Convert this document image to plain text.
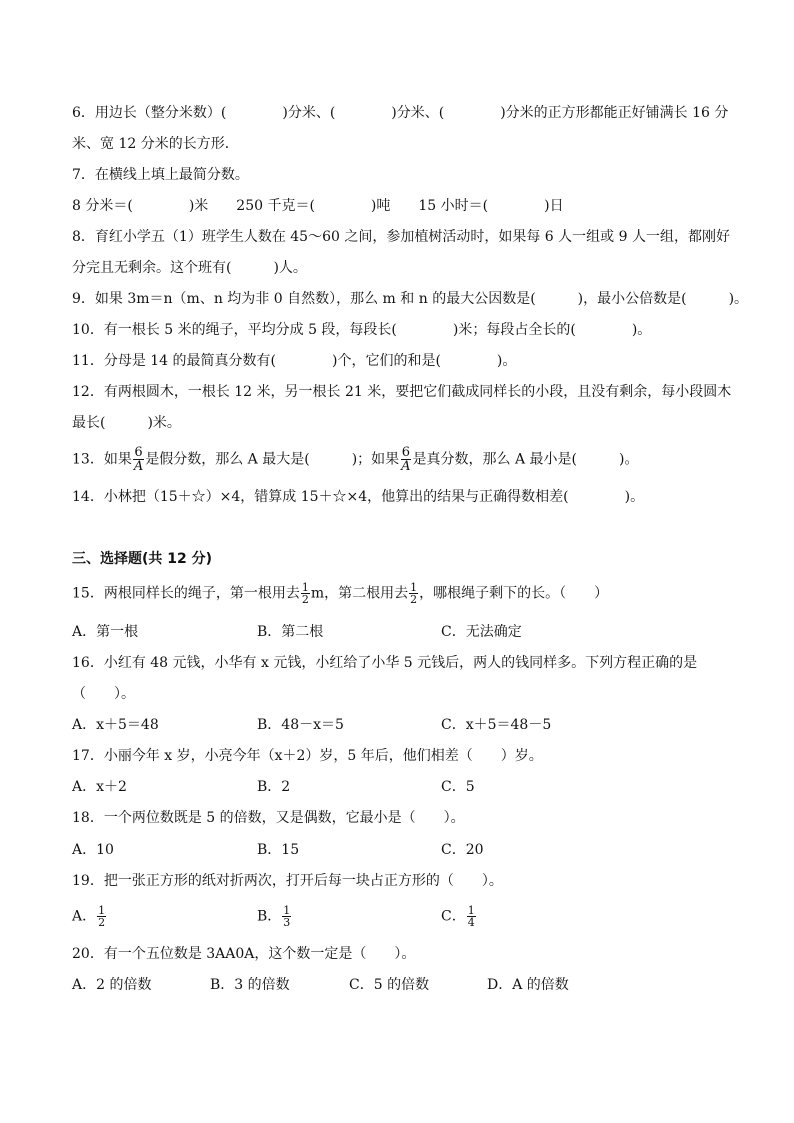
6．用边长（整分米数）(　　　　)分米、(　　　　)分米、(　　　　)分米的正方形都能正好铺满长 16 分
米、宽 12 分米的长方形．
7．在横线上填上最简分数。
8 分米＝(　　　　)米　　250 千克＝(　　　　)吨　　15 小时＝(　　　　)日
8．育红小学五（1）班学生人数在 45～60 之间，参加植树活动时，如果每 6 人一组或 9 人一组，都刚好
分完且无剩余。这个班有(　　　)人。
9．如果 3m＝n（m、n 均为非 0 自然数），那么 m 和 n 的最大公因数是(　　　)，最小公倍数是(　　　)。
10．有一根长 5 米的绳子，平均分成 5 段，每段长(　　　　)米；每段占全长的(　　　　)。
11．分母是 14 的最简真分数有(　　　　)个，它们的和是(　　　　)。
12．有两根圆木，一根长 12 米，另一根长 21 米，要把它们截成同样长的小段，且没有剩余，每小段圆木
最长(　　　)米。
13．如果 $\frac{6}{A}$ 是假分数，那么 A 最大是(　　　)；如果 $\frac{6}{A}$ 是真分数，那么 A 最小是(　　　)。
14．小林把（15＋☆）×4，错算成 15＋☆×4，他算出的结果与正确得数相差(　　　　)。
三、选择题(共 12 分)
15．两根同样长的绳子，第一根用去 $\frac{1}{2}$ m，第二根用去 $\frac{1}{2}$ ，哪根绳子剩下的长。（　　）
A．第一根	B．第二根	C．无法确定
16．小红有 48 元钱，小华有 x 元钱，小红给了小华 5 元钱后，两人的钱同样多。下列方程正确的是
（　　）。
A．x＋5＝48	B．48－x＝5	C．x＋5＝48－5
17．小丽今年 x 岁，小亮今年（x＋2）岁，5 年后，他们相差（　　）岁。
A．x＋2	B．2	C．5
18．一个两位数既是 5 的倍数，又是偶数，它最小是（　　）。
A．10	B．15	C．20
19．把一张正方形的纸对折两次，打开后每一块占正方形的（　　）。
A． $\frac{1}{2}$	B． $\frac{1}{3}$	C． $\frac{1}{4}$
20．有一个五位数是 3AA0A，这个数一定是（　　）。
A．2 的倍数	B．3 的倍数	C．5 的倍数	D．A 的倍数
